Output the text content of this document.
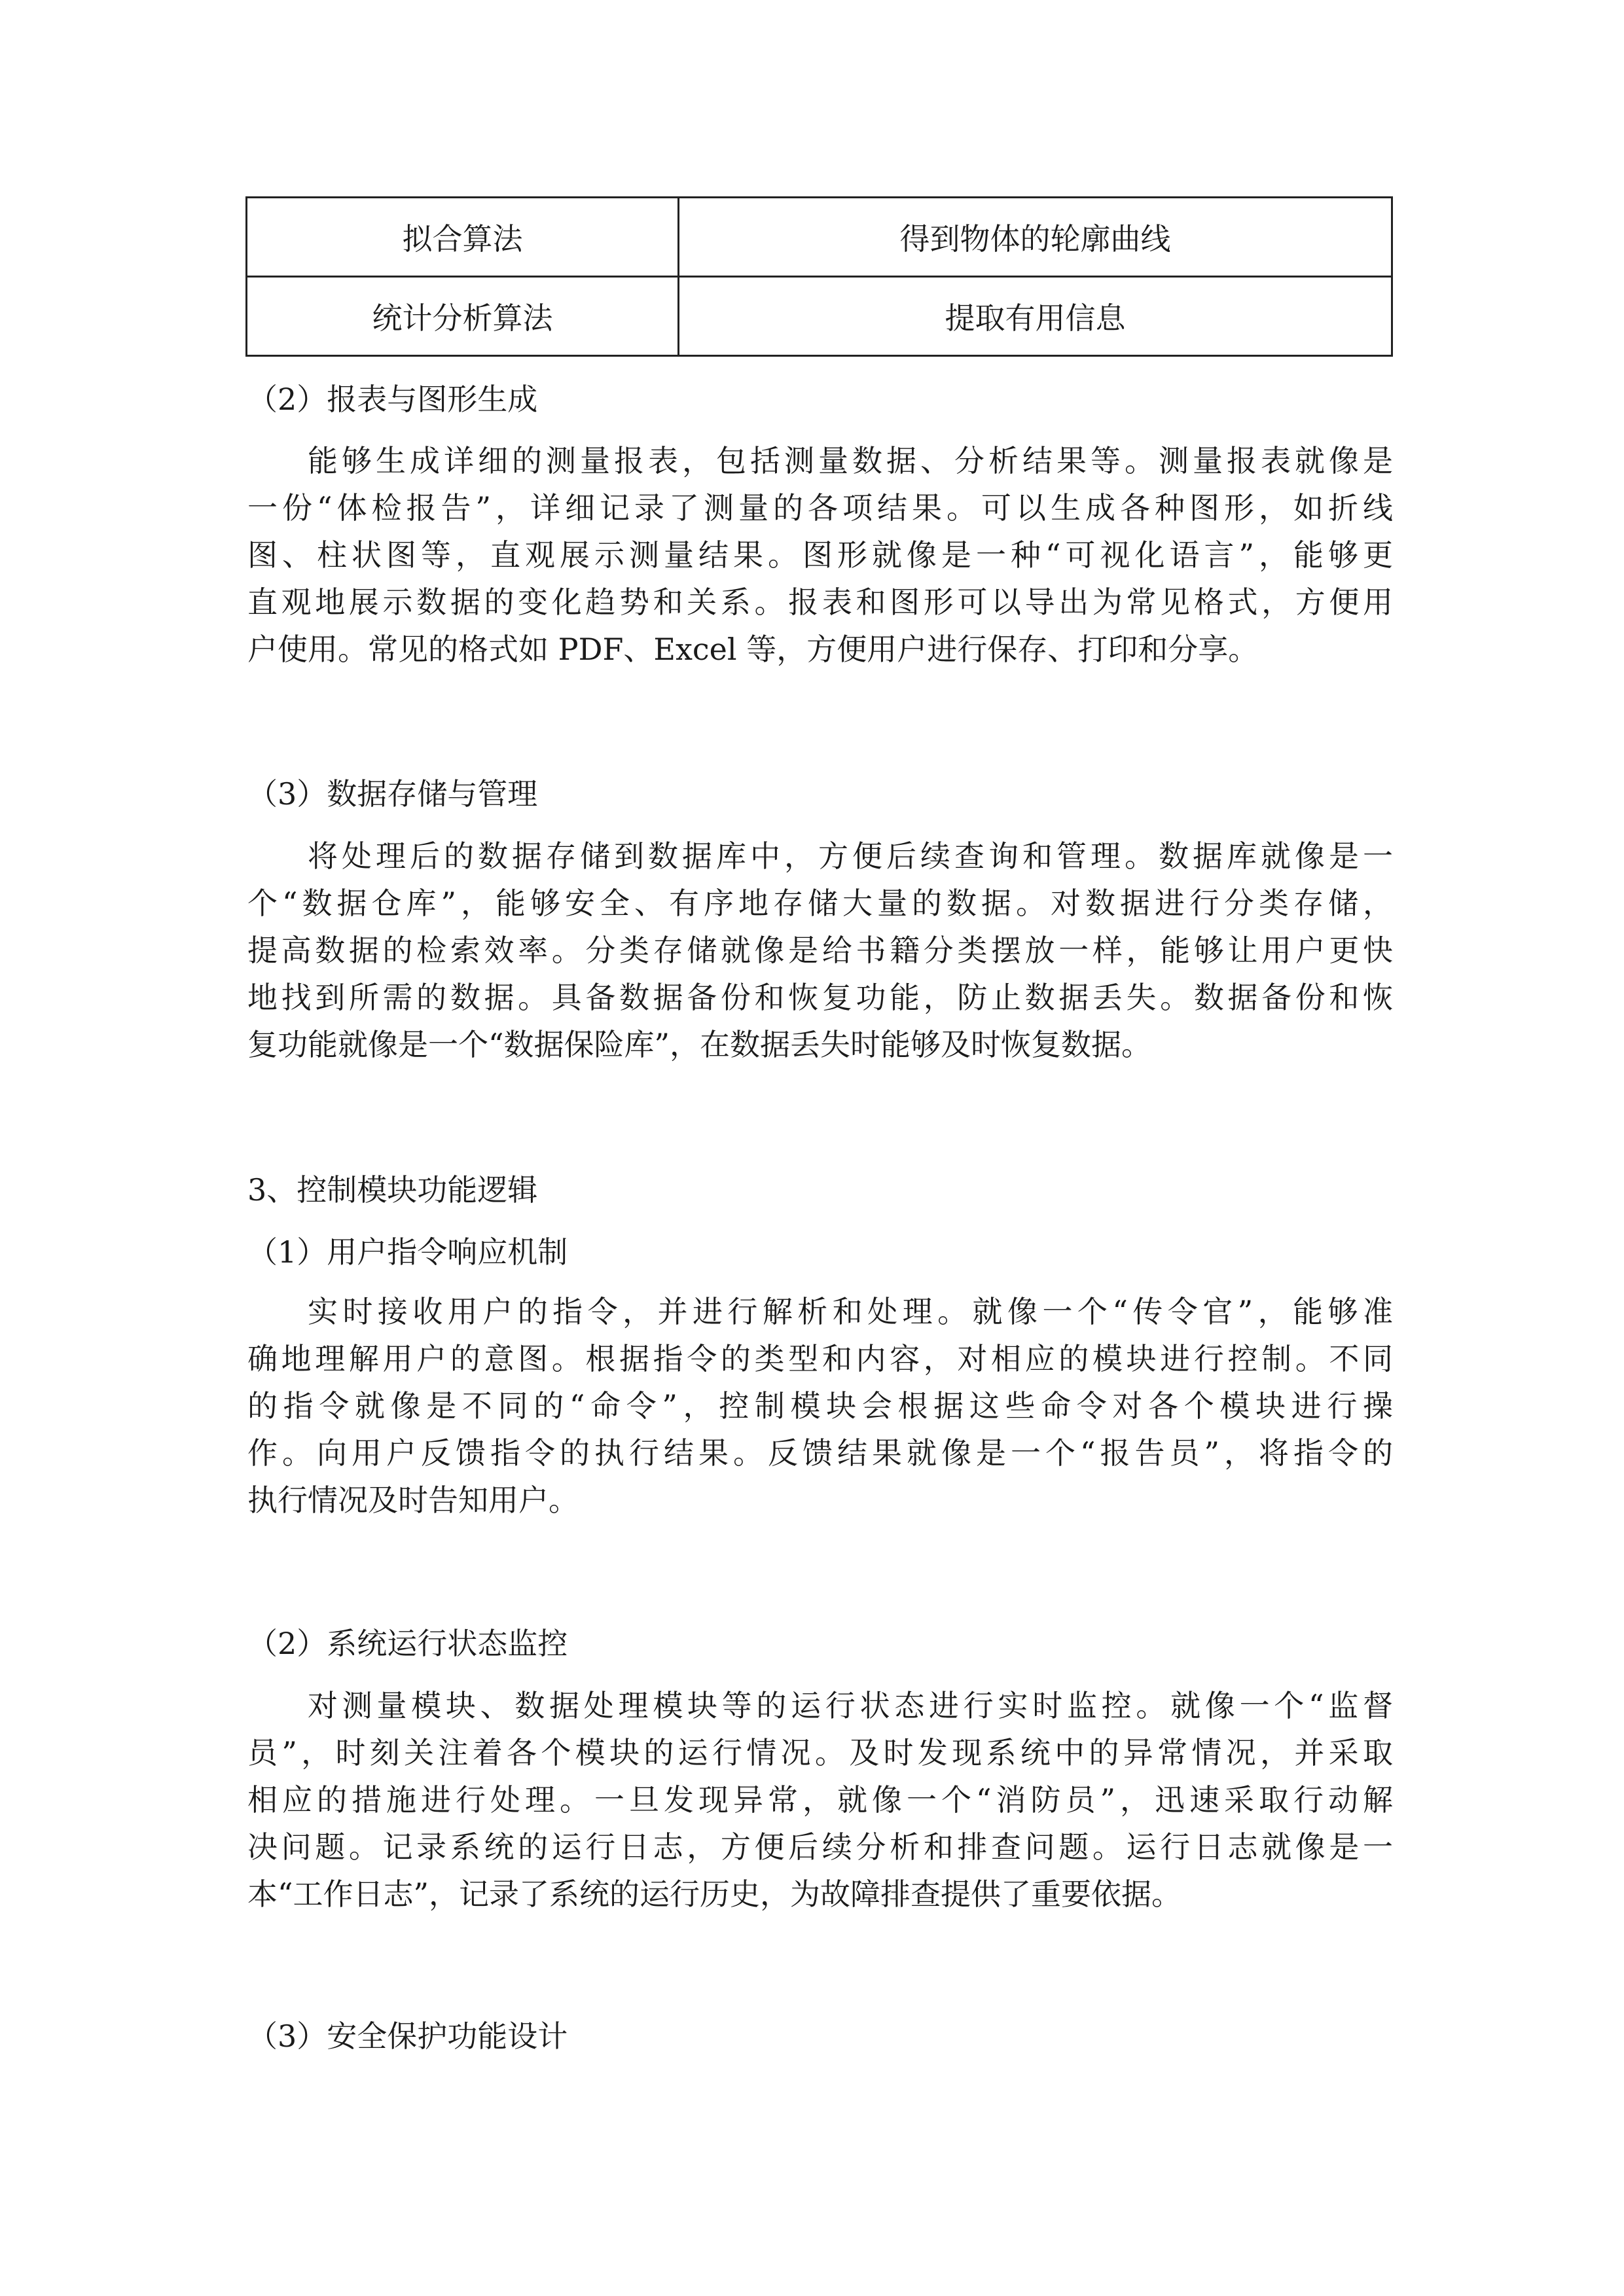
拟合算法	得到物体的轮廓曲线
统计分析算法	提取有用信息
（2）报表与图形生成
能够生成详细的测量报表，包括测量数据、分析结果等。测量报表就像是
一份“体检报告”，详细记录了测量的各项结果。可以生成各种图形，如折线
图、柱状图等，直观展示测量结果。图形就像是一种“可视化语言”，能够更
直观地展示数据的变化趋势和关系。报表和图形可以导出为常见格式，方便用
户使用。常见的格式如 PDF、Excel 等，方便用户进行保存、打印和分享。
（3）数据存储与管理
将处理后的数据存储到数据库中，方便后续查询和管理。数据库就像是一
个“数据仓库”，能够安全、有序地存储大量的数据。对数据进行分类存储，
提高数据的检索效率。分类存储就像是给书籍分类摆放一样，能够让用户更快
地找到所需的数据。具备数据备份和恢复功能，防止数据丢失。数据备份和恢
复功能就像是一个“数据保险库”，在数据丢失时能够及时恢复数据。
3、控制模块功能逻辑
（1）用户指令响应机制
实时接收用户的指令，并进行解析和处理。就像一个“传令官”，能够准
确地理解用户的意图。根据指令的类型和内容，对相应的模块进行控制。不同
的指令就像是不同的“命令”，控制模块会根据这些命令对各个模块进行操
作。向用户反馈指令的执行结果。反馈结果就像是一个“报告员”，将指令的
执行情况及时告知用户。
（2）系统运行状态监控
对测量模块、数据处理模块等的运行状态进行实时监控。就像一个“监督
员”，时刻关注着各个模块的运行情况。及时发现系统中的异常情况，并采取
相应的措施进行处理。一旦发现异常，就像一个“消防员”，迅速采取行动解
决问题。记录系统的运行日志，方便后续分析和排查问题。运行日志就像是一
本“工作日志”，记录了系统的运行历史，为故障排查提供了重要依据。
（3）安全保护功能设计
